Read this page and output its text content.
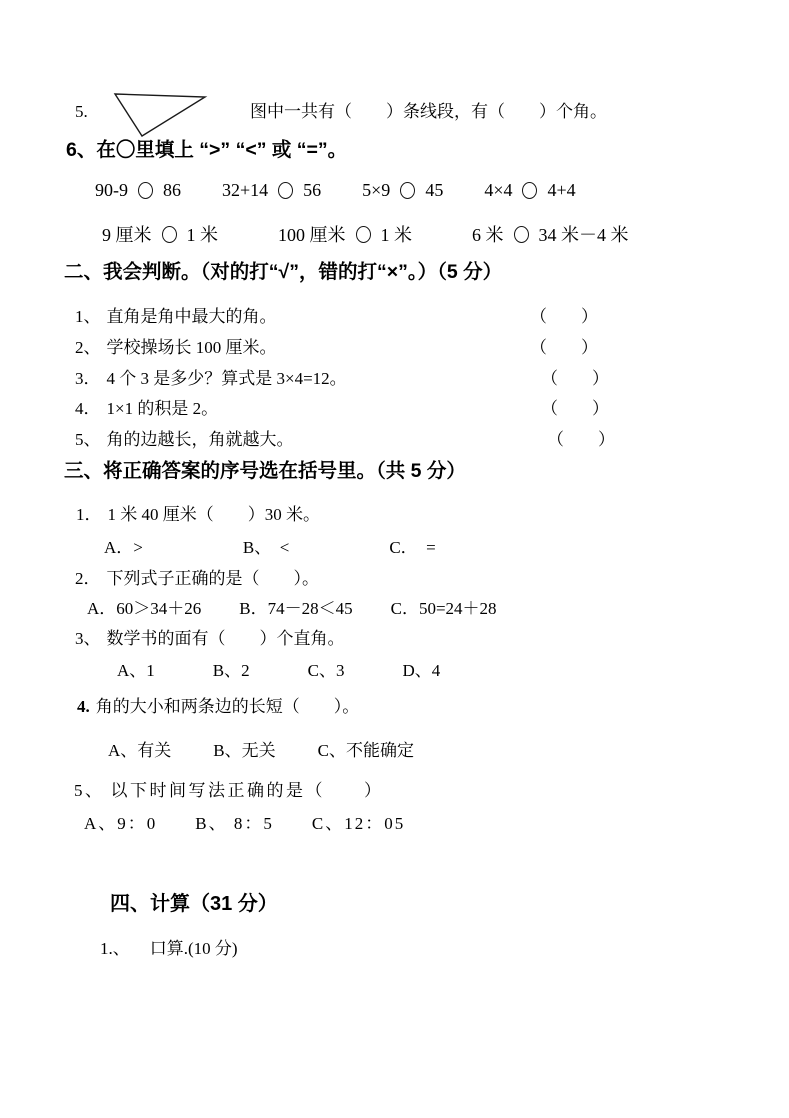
5.	图中一共有（　　）条线段，有（　　）个角。
6、在〇里填上 “>” “<” 或 “=”。
90-9 86 32+14 56 5×9 45 4×4 4+4
9 厘米 1 米	100 厘米 1 米	6 米 34 米－4 米
二、我会判断。（对的打“√”，错的打“×”。）（5 分）
1、 直角是角中最大的角。	（　　）
2、 学校操场长 100 厘米。	（　　）
3． 4 个 3 是多少？算式是 3×4=12。	（　　）
4． 1×1 的积是 2。	（　　）
5、 角的边越长，角就越大。	（　　）
三、将正确答案的序号选在括号里。（共 5 分）
1． 1 米 40 厘米（　　）30 米。
A．>	B、　<	C．　=
2． 下列式子正确的是（　　）。
A．60＞34＋26 B．74－28＜45 C．50=24＋28
3、 数学书的面有（　　）个直角。
A、1	B、2	C、3	D、4
4. 角的大小和两条边的长短（　　）。
A、有关 B、无关 C、不能确定
5、 以下时间写法正确的是（　　）
A、9：0 B、 8：5 C、12：05
四、计算（31 分）
1.、 口算.(10 分)
